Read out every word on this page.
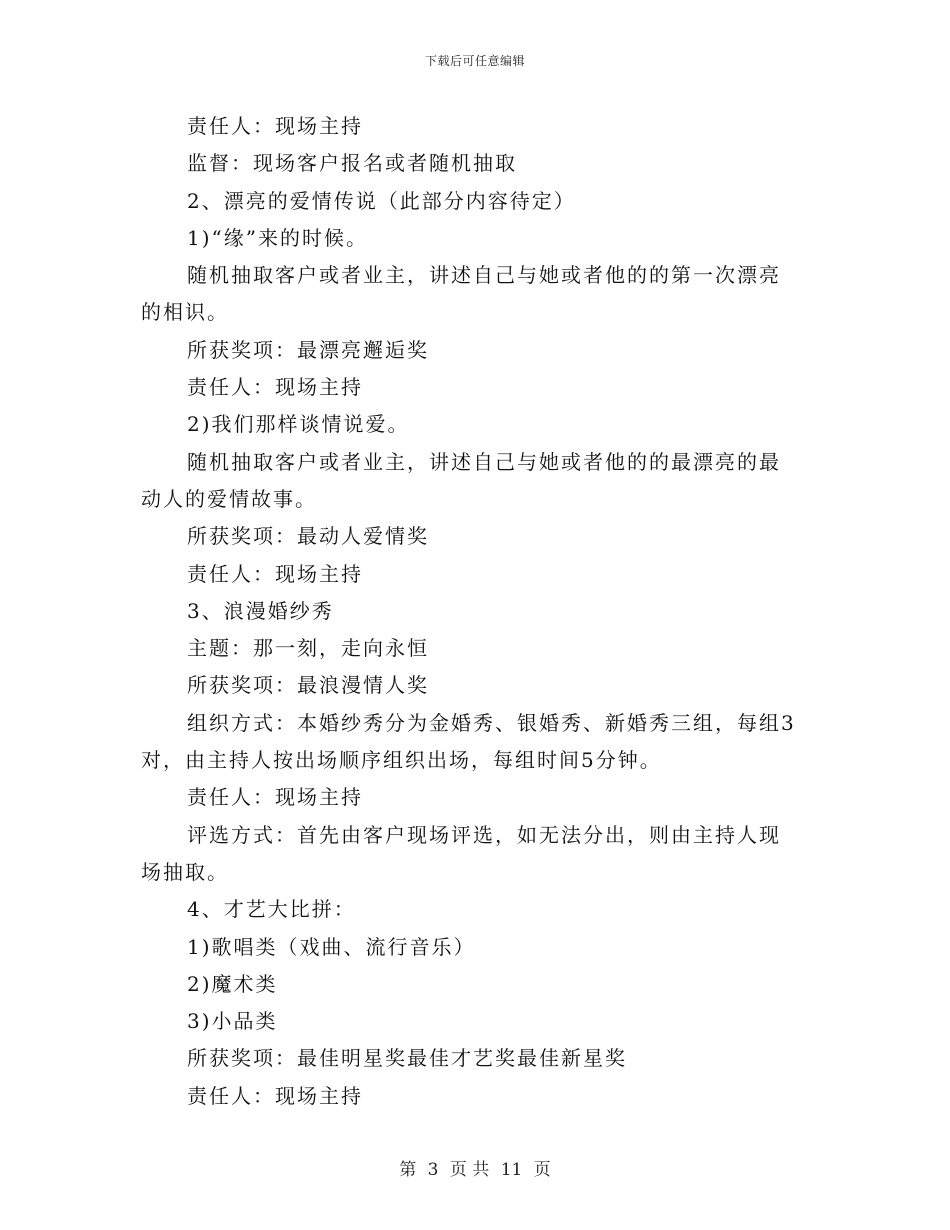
下载后可任意编辑

责任人：现场主持

监督：现场客户报名或者随机抽取

2、漂亮的爱情传说（此部分内容待定）

1)“缘”来的时候。

随机抽取客户或者业主，讲述自己与她或者他的的第一次漂亮的相识。

所获奖项：最漂亮邂逅奖

责任人：现场主持

2)我们那样谈情说爱。

随机抽取客户或者业主，讲述自己与她或者他的的最漂亮的最动人的爱情故事。

所获奖项：最动人爱情奖

责任人：现场主持

3、浪漫婚纱秀

主题：那一刻，走向永恒

所获奖项：最浪漫情人奖

组织方式：本婚纱秀分为金婚秀、银婚秀、新婚秀三组，每组3对，由主持人按出场顺序组织出场，每组时间5分钟。

责任人：现场主持

评选方式：首先由客户现场评选，如无法分出，则由主持人现场抽取。

4、才艺大比拼：

1)歌唱类（戏曲、流行音乐）

2)魔术类

3)小品类

所获奖项：最佳明星奖最佳才艺奖最佳新星奖

责任人：现场主持

第 3 页 共 11 页
